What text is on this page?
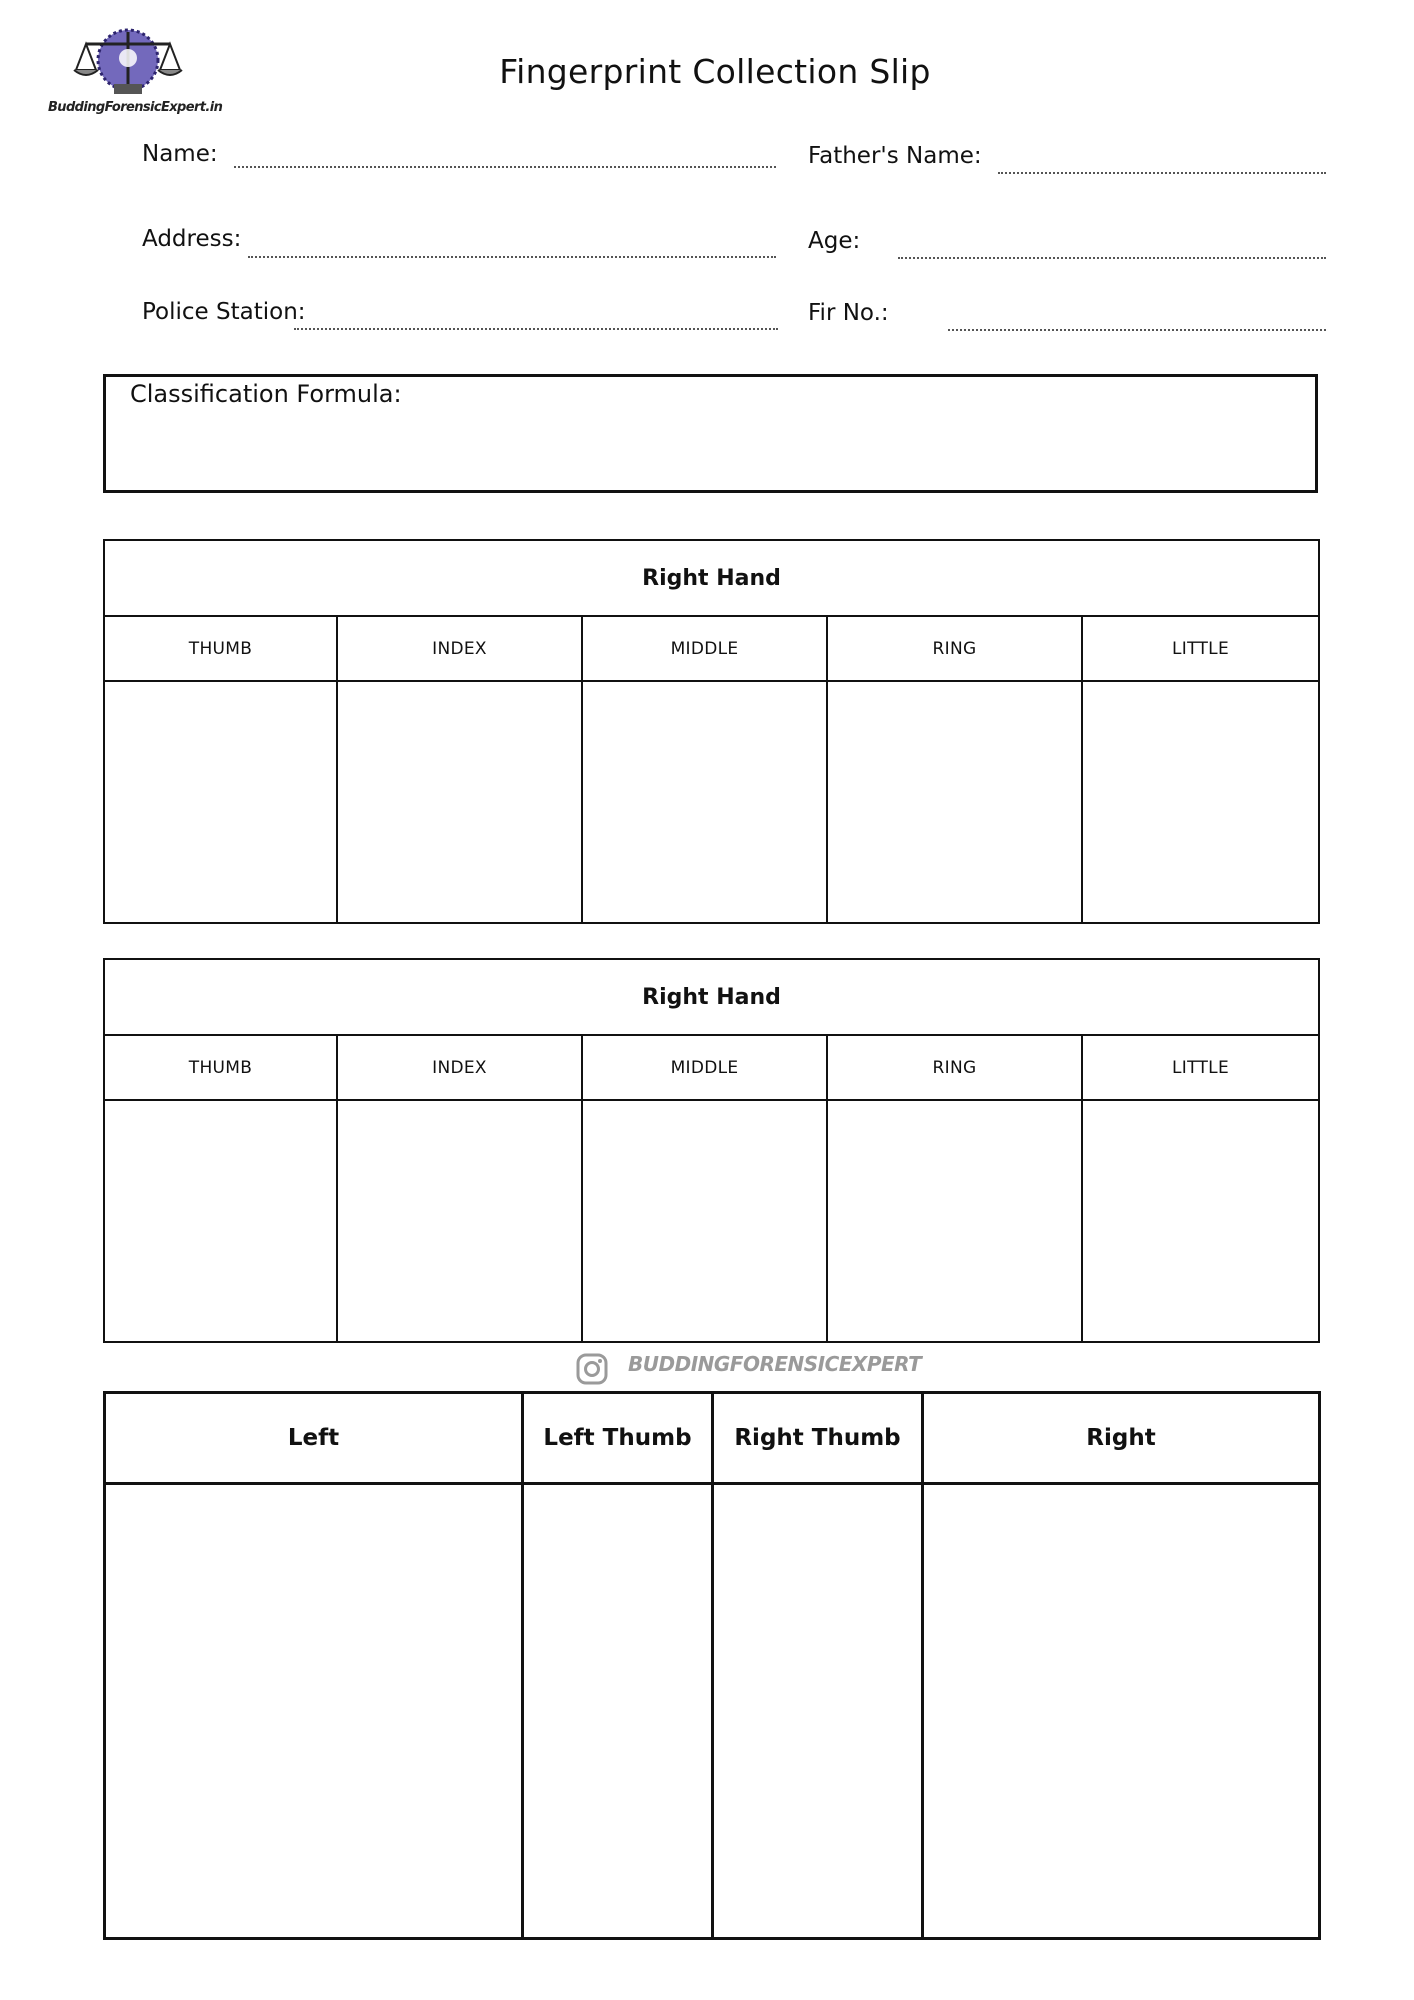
BuddingForensicExpert.in
Fingerprint Collection Slip
Name:	Father's Name:
Address:	Age:
Police Station:	Fir No.:
Classification Formula:
Right Hand				
THUMB	INDEX	MIDDLE	RING	LITTLE

Right Hand				
THUMB	INDEX	MIDDLE	RING	LITTLE

BUDDINGFORENSICEXPERT
Left	Left Thumb	Right Thumb	Right
